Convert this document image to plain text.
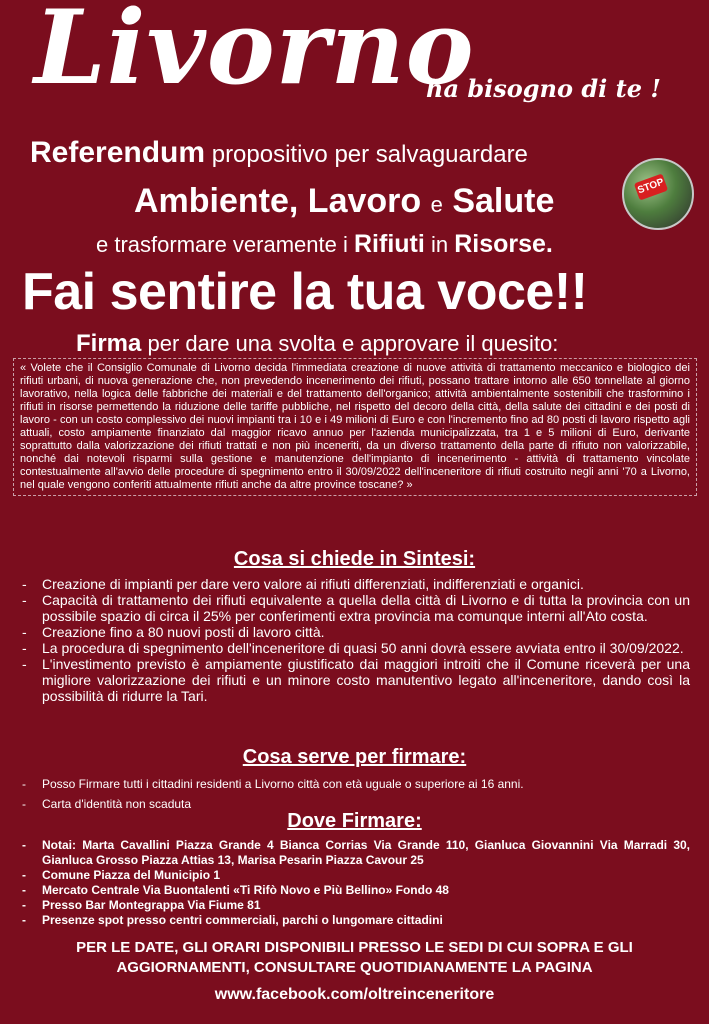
Livorno
ha bisogno di te !
Referendum propositivo per salvaguardare
Ambiente, Lavoro e Salute	STOP
e trasformare veramente i Rifiuti in Risorse.
Fai sentire la tua voce!!
Firma per dare una svolta e approvare il quesito:
« Volete che il Consiglio Comunale di Livorno decida l'immediata creazione di nuove attività di trattamento meccanico e biologico dei rifiuti urbani, di nuova generazione che, non prevedendo incenerimento dei rifiuti, possano trattare intorno alle 650 tonnellate al giorno lavorativo, nella logica delle fabbriche dei materiali e del trattamento dell'organico; attività ambientalmente sostenibili che trasformino i rifiuti in risorse permettendo la riduzione delle tariffe pubbliche, nel rispetto del decoro della città, della salute dei cittadini e dei posti di lavoro - con un costo complessivo dei nuovi impianti tra i 10 e i 49 milioni di Euro e con l'incremento fino ad 80 posti di lavoro rispetto agli attuali, costo ampiamente finanziato dal maggior ricavo annuo per l'azienda municipalizzata, tra 1 e 5 milioni di Euro, derivante soprattutto dalla valorizzazione dei rifiuti trattati e non più inceneriti, da un diverso trattamento della parte di rifiuto non valorizzabile, nonché dai notevoli risparmi sulla gestione e manutenzione dell'impianto di incenerimento - attività di trattamento vincolate contestualmente all'avvio delle procedure di spegnimento entro il 30/09/2022 dell'inceneritore di rifiuti costruito negli anni '70 a Livorno, nel quale vengono conferiti attualmente rifiuti anche da altre province toscane? »
Cosa si chiede in Sintesi:
- Creazione di impianti per dare vero valore ai rifiuti differenziati, indifferenziati e organici.
- Capacità di trattamento dei rifiuti equivalente a quella della città di Livorno e di tutta la provincia con un possibile spazio di circa il 25% per conferimenti extra provincia ma comunque interni all'Ato costa.
- Creazione fino a 80 nuovi posti di lavoro città.
- La procedura di spegnimento dell'inceneritore di quasi 50 anni dovrà essere avviata entro il 30/09/2022.
- L'investimento previsto è ampiamente giustificato dai maggiori introiti che il Comune riceverà per una migliore valorizzazione dei rifiuti e un minore costo manutentivo legato all'inceneritore, dando così la possibilità di ridurre la Tari.
Cosa serve per firmare:
- Posso Firmare tutti i cittadini residenti a Livorno città con età uguale o superiore ai 16 anni.
- Carta d'identità non scaduta
Dove Firmare:
- Notai: Marta Cavallini Piazza Grande 4 Bianca Corrias Via Grande 110, Gianluca Giovannini Via Marradi 30, Gianluca Grosso Piazza Attias 13, Marisa Pesarin Piazza Cavour 25
- Comune Piazza del Municipio 1
- Mercato Centrale Via Buontalenti «Ti Rifò Novo e Più Bellino» Fondo 48
- Presso Bar Montegrappa Via Fiume 81
- Presenze spot presso centri commerciali, parchi o lungomare cittadini
PER LE DATE, GLI ORARI DISPONIBILI PRESSO LE SEDI DI CUI SOPRA E GLI
AGGIORNAMENTI, CONSULTARE QUOTIDIANAMENTE LA PAGINA
www.facebook.com/oltreinceneritore
